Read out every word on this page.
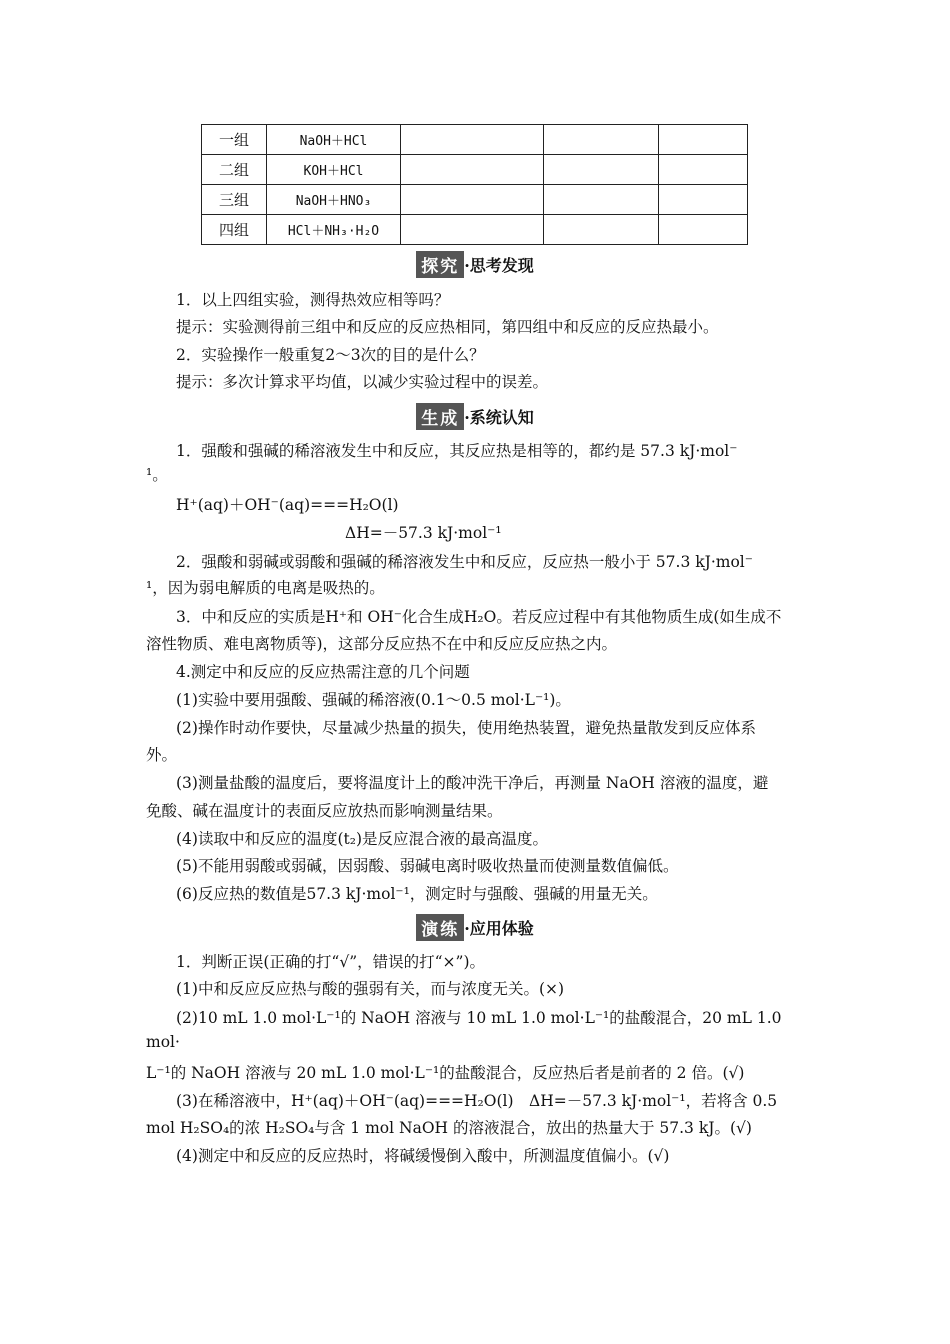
一组	NaOH＋HCl			
二组	KOH＋HCl			
三组	NaOH＋HNO₃			
四组	HCl＋NH₃·H₂O			
探究 ·思考发现
1．以上四组实验，测得热效应相等吗？
提示：实验测得前三组中和反应的反应热相同，第四组中和反应的反应热最小。
2．实验操作一般重复2～3次的目的是什么？
提示：多次计算求平均值，以减少实验过程中的误差。
生成 ·系统认知
1．强酸和强碱的稀溶液发生中和反应，其反应热是相等的，都约是 57.3 kJ·mol⁻
¹。
H⁺(aq)＋OH⁻(aq)===H₂O(l)
ΔH=－57.3 kJ·mol⁻¹
2．强酸和弱碱或弱酸和强碱的稀溶液发生中和反应，反应热一般小于 57.3 kJ·mol⁻
¹，因为弱电解质的电离是吸热的。
3．中和反应的实质是H⁺和 OH⁻化合生成H₂O。若反应过程中有其他物质生成(如生成不
溶性物质、难电离物质等)，这部分反应热不在中和反应反应热之内。
4.测定中和反应的反应热需注意的几个问题
(1)实验中要用强酸、强碱的稀溶液(0.1～0.5 mol·L⁻¹)。
(2)操作时动作要快，尽量减少热量的损失，使用绝热装置，避免热量散发到反应体系
外。
(3)测量盐酸的温度后，要将温度计上的酸冲洗干净后，再测量 NaOH 溶液的温度，避
免酸、碱在温度计的表面反应放热而影响测量结果。
(4)读取中和反应的温度(t₂)是反应混合液的最高温度。
(5)不能用弱酸或弱碱，因弱酸、弱碱电离时吸收热量而使测量数值偏低。
(6)反应热的数值是57.3 kJ·mol⁻¹，测定时与强酸、强碱的用量无关。
演练 ·应用体验
1．判断正误(正确的打“√”，错误的打“×”)。
(1)中和反应反应热与酸的强弱有关，而与浓度无关。(×)
(2)10 mL 1.0 mol·L⁻¹的 NaOH 溶液与 10 mL 1.0 mol·L⁻¹的盐酸混合，20 mL 1.0
mol·
L⁻¹的 NaOH 溶液与 20 mL 1.0 mol·L⁻¹的盐酸混合，反应热后者是前者的 2 倍。(√)
(3)在稀溶液中，H⁺(aq)＋OH⁻(aq)===H₂O(l)　ΔH=－57.3 kJ·mol⁻¹，若将含 0.5
mol H₂SO₄的浓 H₂SO₄与含 1 mol NaOH 的溶液混合，放出的热量大于 57.3 kJ。(√)
(4)测定中和反应的反应热时，将碱缓慢倒入酸中，所测温度值偏小。(√)
